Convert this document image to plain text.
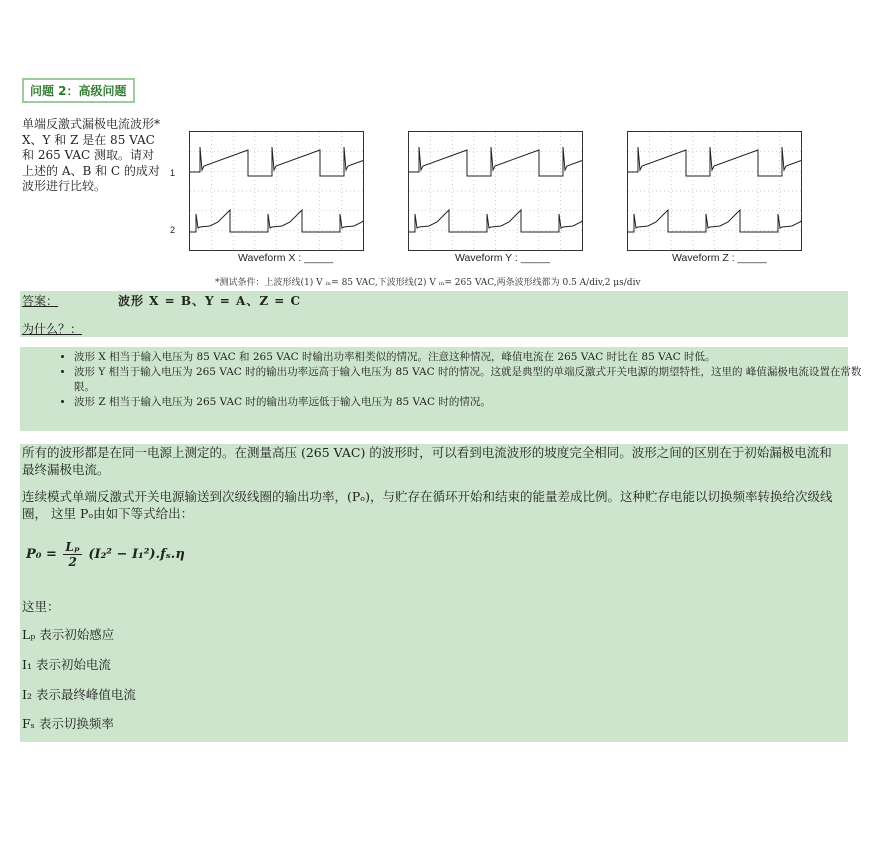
问题 2：高级问题
单端反激式漏极电流波形* X、Y 和 Z 是在 85 VAC 和 265 VAC 测取。请对上述的 A、B 和 C 的成对波形进行比较。
1
2
Waveform X : _____	Waveform Y : _____	Waveform Z : _____
*测试条件：上波形线(1) V ᵢₙ= 85 VAC,下波形线(2) V ᵢₙ= 265 VAC,两条波形线都为 0.5 A/div,2 μs/div
答案：	波形 X = B、Y = A、Z = C
为什么？：
• 波形 X 相当于输入电压为 85 VAC 和 265 VAC 时输出功率相类似的情况。注意这种情况，峰值电流在 265 VAC 时比在 85 VAC 时低。
• 波形 Y 相当于输入电压为 265 VAC 时的输出功率远高于输入电压为 85 VAC 时的情况。这就是典型的单端反激式开关电源的期望特性，这里的 峰值漏极电流设置在常数限。
• 波形 Z 相当于输入电压为 265 VAC 时的输出功率远低于输入电压为 85 VAC 时的情况。
所有的波形都是在同一电源上测定的。在测量高压 (265 VAC) 的波形时，可以看到电流波形的坡度完全相同。波形之间的区别在于初始漏极电流和最终漏极电流。
连续模式单端反激式开关电源输送到次级线圈的输出功率，(Pₒ)，与贮存在循环开始和结束的能量差成比例。这种贮存电能以切换频率转换给次级线圈， 这里 Pₒ由如下等式给出：
$P_0 = \frac{\text{Lₚ}}{2} (I_2^2 - I_1^2).f_s.\eta$
这里：
Lₚ 表示初始感应
I₁ 表示初始电流
I₂ 表示最终峰值电流
Fₛ 表示切换频率
